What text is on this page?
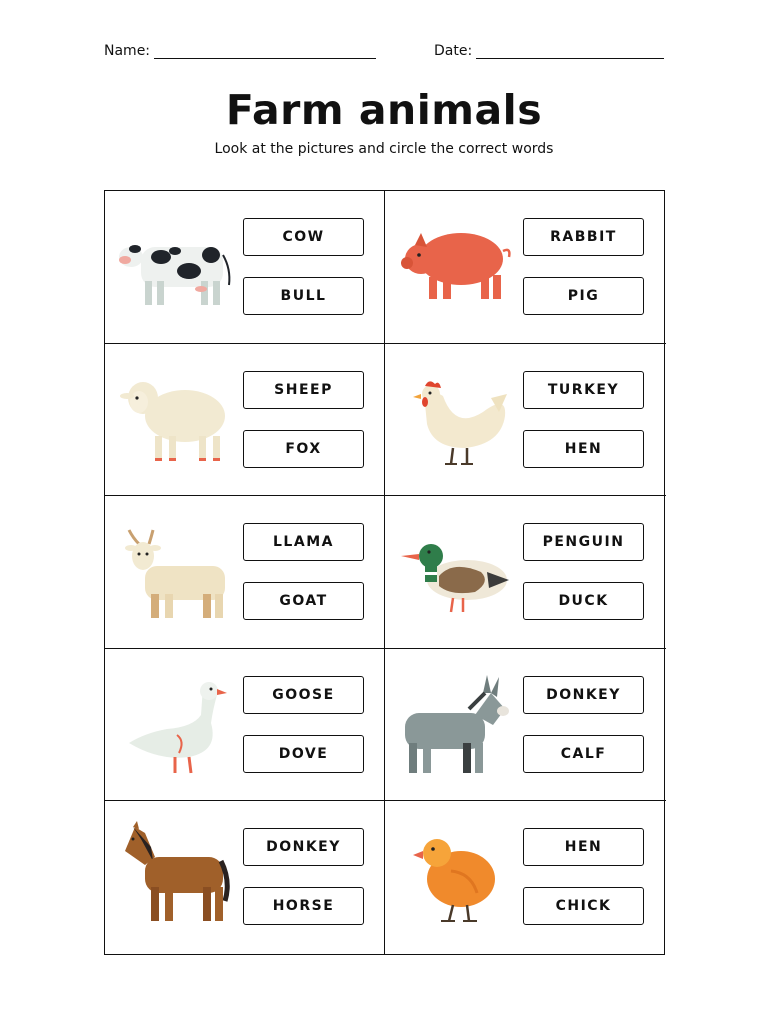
Name:	Date:
Farm animals
Look at the pictures and circle the correct words
COW
BULL
RABBIT
PIG
SHEEP
FOX
TURKEY
HEN
LLAMA
GOAT
PENGUIN
DUCK
GOOSE
DOVE
DONKEY
CALF
DONKEY
HORSE
HEN
CHICK
